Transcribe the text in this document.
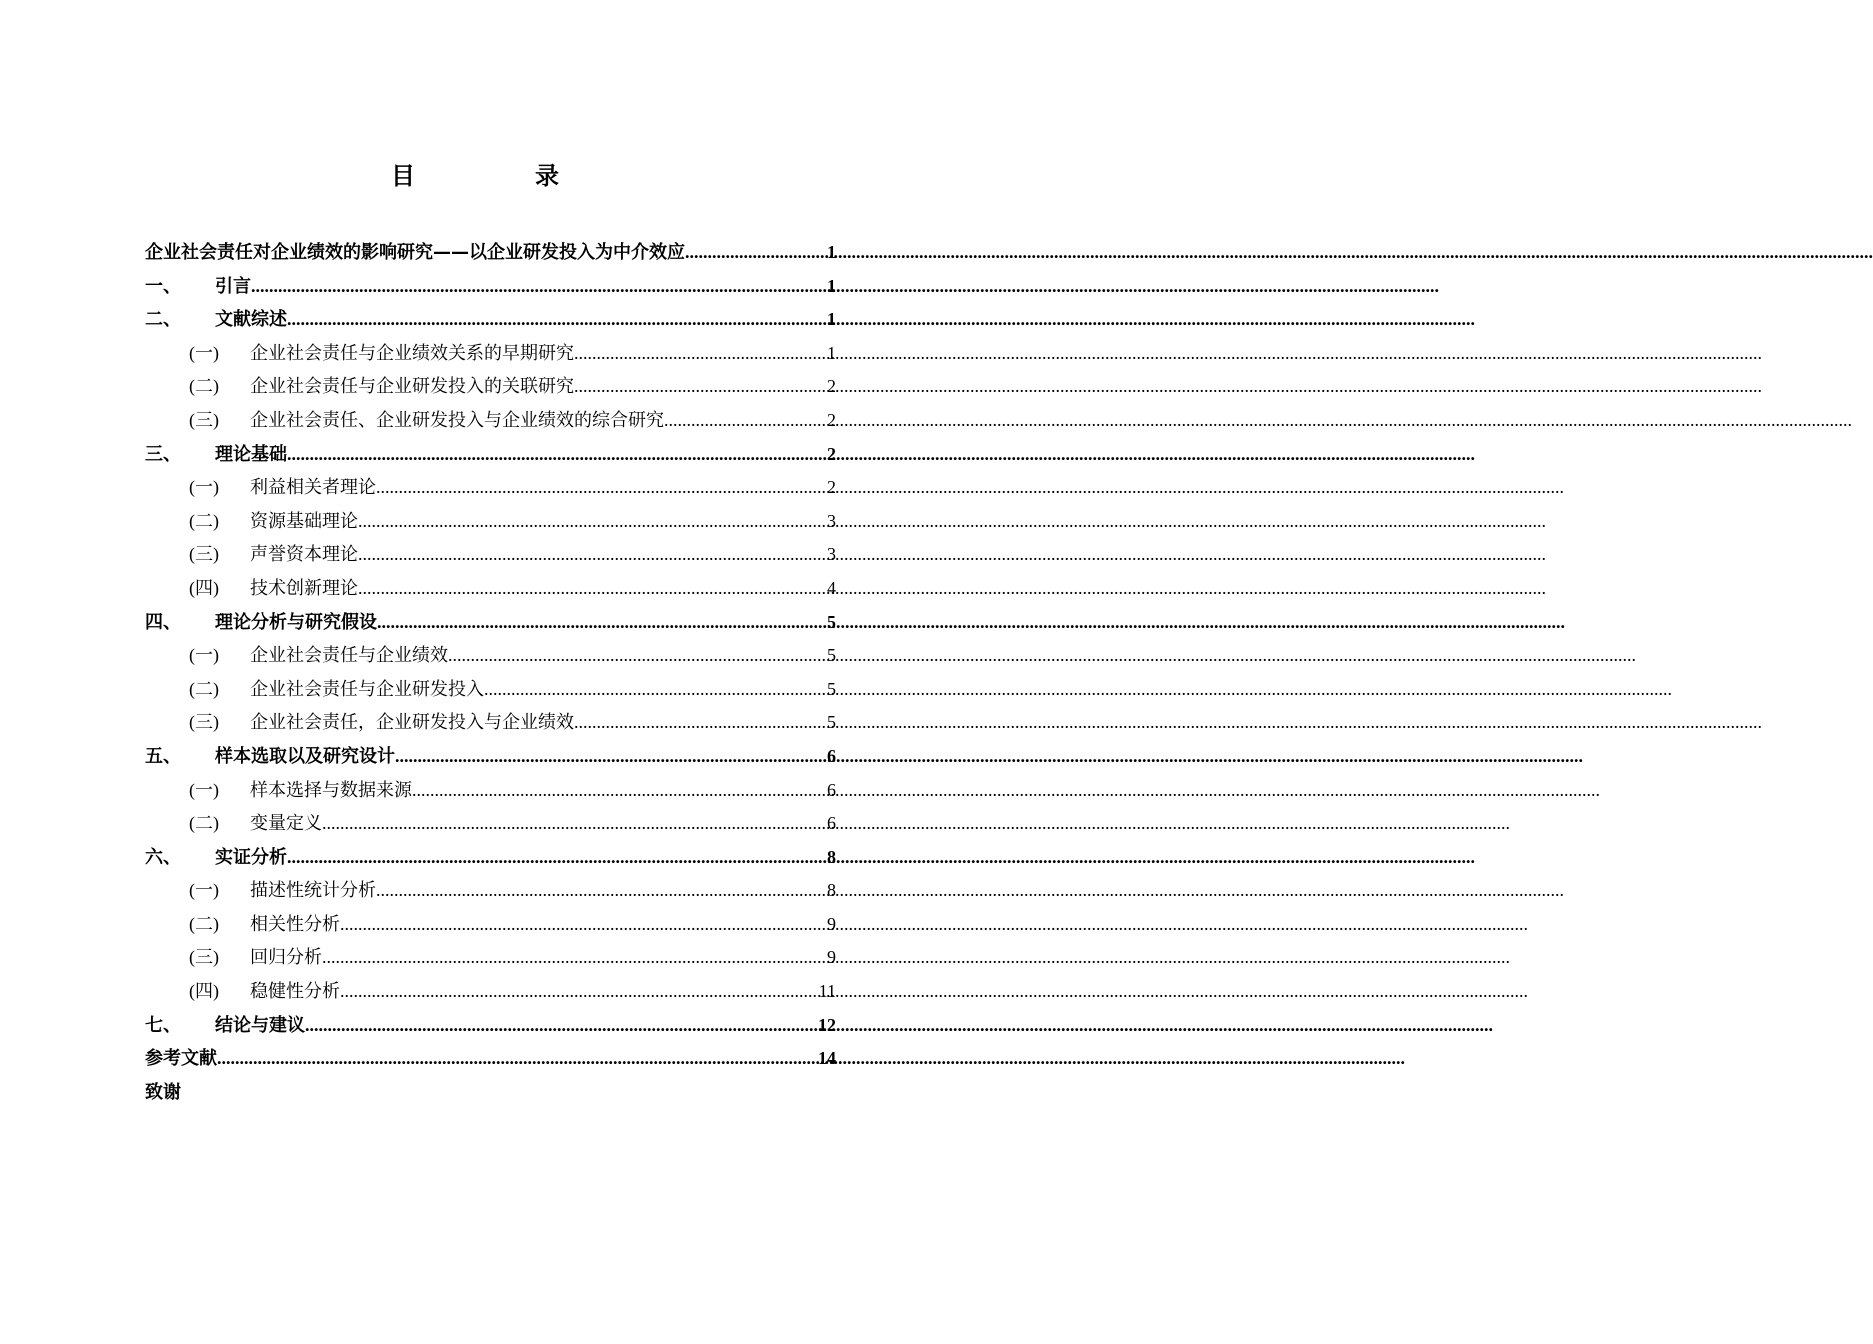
目　录
企业社会责任对企业绩效的影响研究——以企业研发投入为中介效应 .....	1
一、	引言 .....	1
二、	文献综述 .....	1
(一)	企业社会责任与企业绩效关系的早期研究 .....	1
(二)	企业社会责任与企业研发投入的关联研究 .....	2
(三)	企业社会责任、企业研发投入与企业绩效的综合研究 .....	2
三、	理论基础 .....	2
(一)	利益相关者理论 .....	2
(二)	资源基础理论 .....	3
(三)	声誉资本理论 .....	3
(四)	技术创新理论 .....	4
四、	理论分析与研究假设 .....	5
(一)	企业社会责任与企业绩效 .....	5
(二)	企业社会责任与企业研发投入 .....	5
(三)	企业社会责任，企业研发投入与企业绩效 .....	5
五、	样本选取以及研究设计 .....	6
(一)	样本选择与数据来源 .....	6
(二)	变量定义 .....	6
六、	实证分析 .....	8
(一)	描述性统计分析 .....	8
(二)	相关性分析 .....	9
(三)	回归分析 .....	9
(四)	稳健性分析 .....	11
七、	结论与建议 .....	12
参考文献 .....	14
致谢
